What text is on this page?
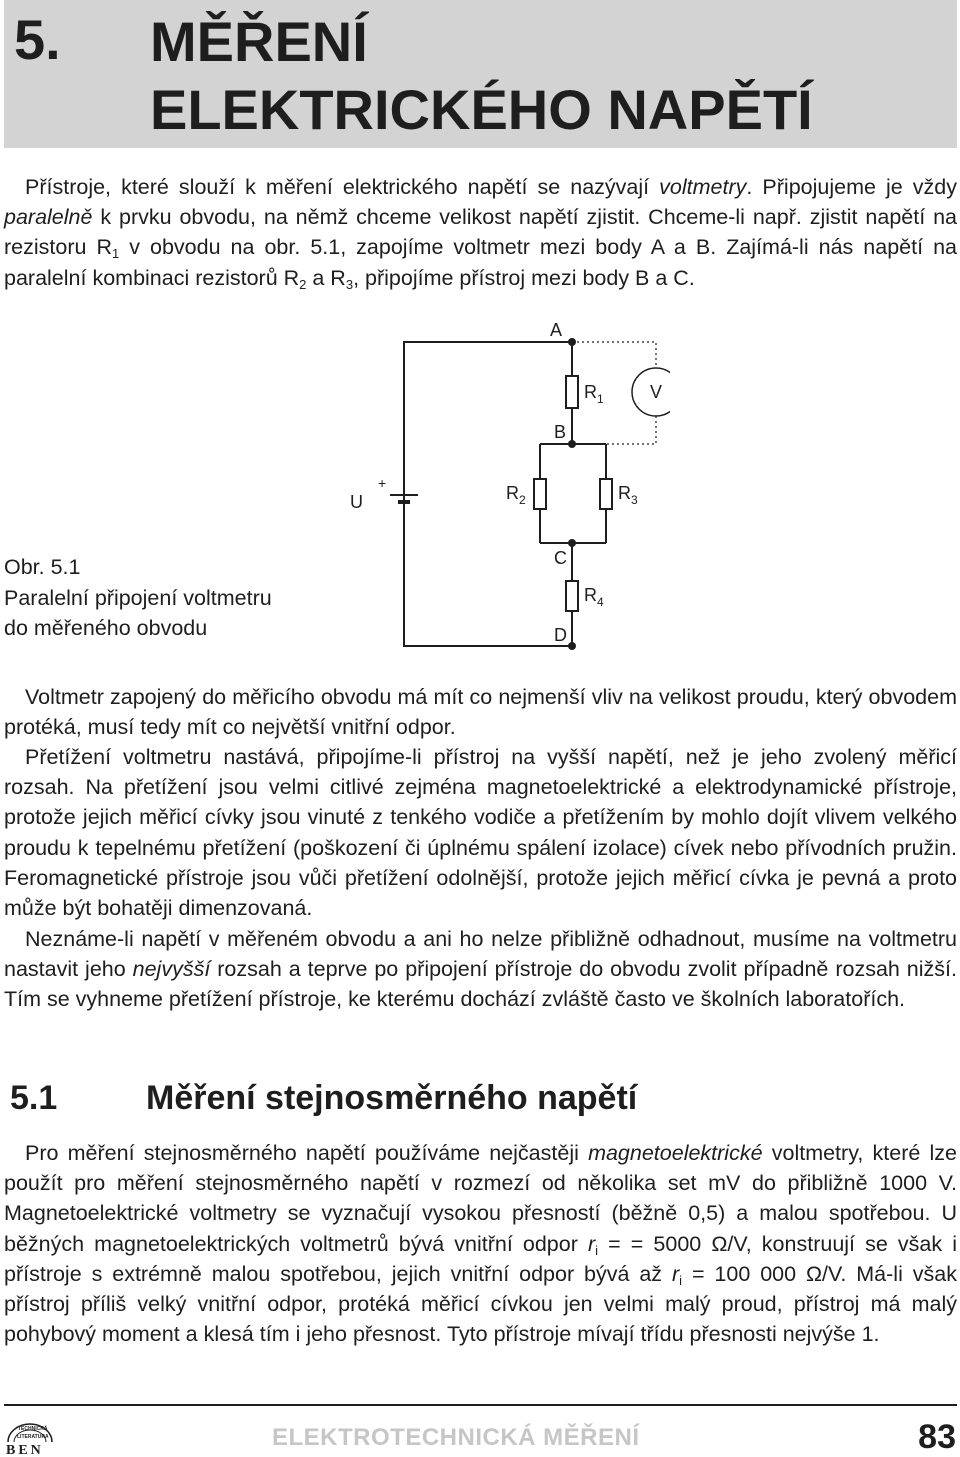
5. MĚŘENÍ
ELEKTRICKÉHO NAPĚTÍ

Přístroje, které slouží k měření elektrického napětí se nazývají voltmetry. Připojujeme je vždy paralelně k prvku obvodu, na němž chceme velikost napětí zjistit. Chceme-li např. zjistit napětí na rezistoru $R_1$ v obvodu na obr. 5.1, zapojíme voltmetr mezi body A a B. Zajímá-li nás napětí na paralelní kombinaci rezistorů $R_2$ a $R_3$, připojíme přístroj mezi body B a C.

Obr. 5.1
Paralelní připojení voltmetru
do měřeného obvodu
A
B
C
D
U
+
V
$R_1$
$R_2$	$R_3$
$R_4$

Voltmetr zapojený do měřicího obvodu má mít co nejmenší vliv na velikost proudu, který obvodem protéká, musí tedy mít co největší vnitřní odpor.

Přetížení voltmetru nastává, připojíme-li přístroj na vyšší napětí, než je jeho zvolený měřicí rozsah. Na přetížení jsou velmi citlivé zejména magnetoelektrické a elektrodynamické přístroje, protože jejich měřicí cívky jsou vinuté z tenkého vodiče a přetížením by mohlo dojít vlivem velkého proudu k tepelnému přetížení (poškození či úplnému spálení izolace) cívek nebo přívodních pružin. Feromagnetické přístroje jsou vůči přetížení odolnější, protože jejich měřicí cívka je pevná a proto může být bohatěji dimenzovaná.

Neznáme-li napětí v měřeném obvodu a ani ho nelze přibližně odhadnout, musíme na voltmetru nastavit jeho nejvyšší rozsah a teprve po připojení přístroje do obvodu zvolit případně rozsah nižší. Tím se vyhneme přetížení přístroje, ke kterému dochází zvláště často ve školních laboratořích.

5.1	Měření stejnosměrného napětí

Pro měření stejnosměrného napětí používáme nejčastěji magnetoelektrické voltmetry, které lze použít pro měření stejnosměrného napětí v rozmezí od několika set mV do přibližně 1000 V. Magnetoelektrické voltmetry se vyznačují vysokou přesností (běžně 0,5) a malou spotřebou. U běžných magnetoelektrických voltmetrů bývá vnitřní odpor $r_i$ = = 5000 Ω/V, konstruují se však i přístroje s extrémně malou spotřebou, jejich vnitřní odpor bývá až $r_i = 100$ 000 Ω/V. Má-li však přístroj příliš velký vnitřní odpor, protéká měřicí cívkou jen velmi malý proud, přístroj má malý pohybový moment a klesá tím i jeho přesnost. Tyto přístroje mívají třídu přesnosti nejvýše 1.

TECHNICKÁ
LITERATURA
BEN	ELEKTROTECHNICKÁ MĚŘENÍ	83
